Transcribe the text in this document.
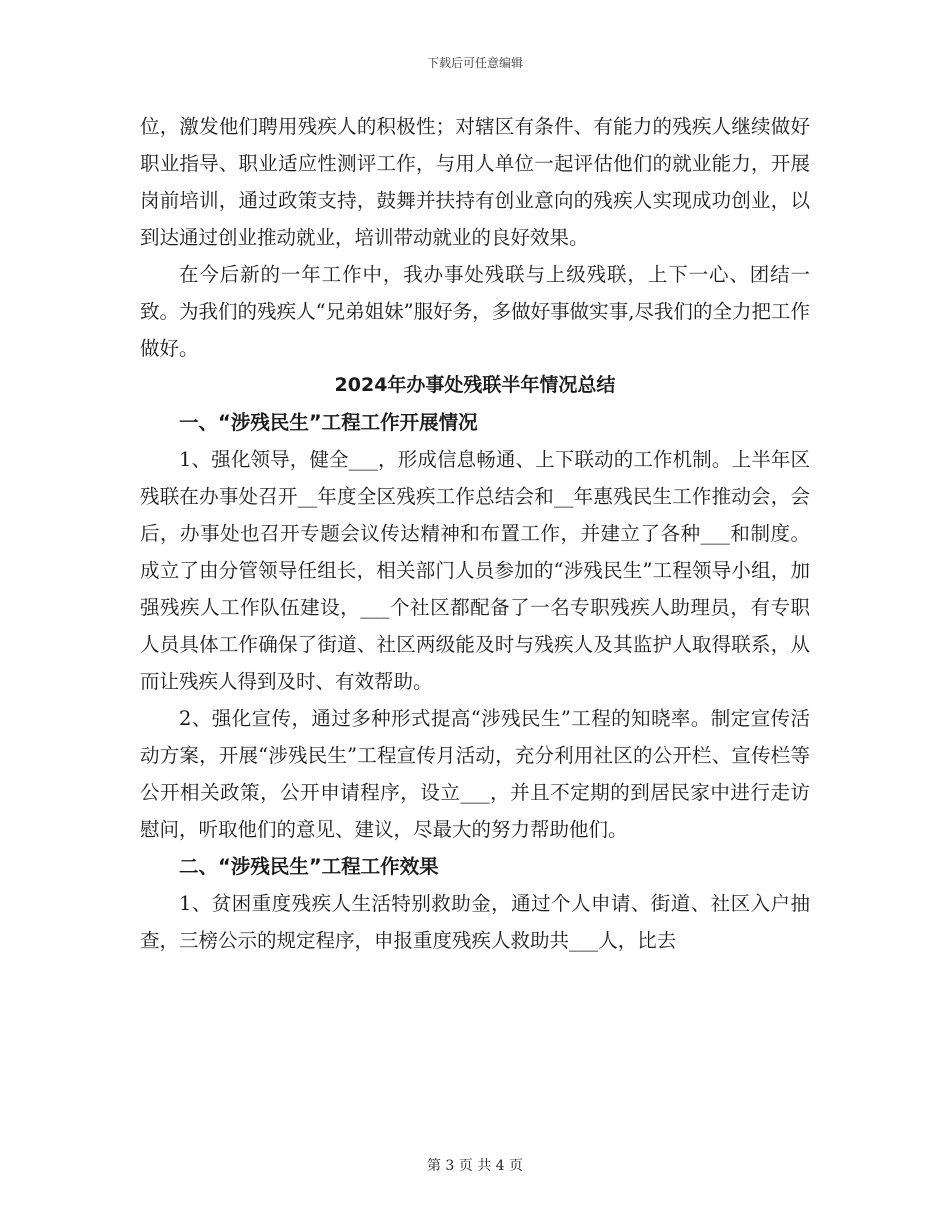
下载后可任意编辑

位，激发他们聘用残疾人的积极性；对辖区有条件、有能力的残疾人继续做好职业指导、职业适应性测评工作，与用人单位一起评估他们的就业能力，开展岗前培训，通过政策支持，鼓舞并扶持有创业意向的残疾人实现成功创业，以到达通过创业推动就业，培训带动就业的良好效果。

在今后新的一年工作中，我办事处残联与上级残联，上下一心、团结一致。为我们的残疾人“兄弟姐妹”服好务，多做好事做实事,尽我们的全力把工作做好。

2024年办事处残联半年情况总结

一、“涉残民生”工程工作开展情况

1、强化领导，健全___，形成信息畅通、上下联动的工作机制。上半年区残联在办事处召开__年度全区残疾工作总结会和__年惠残民生工作推动会，会后，办事处也召开专题会议传达精神和布置工作，并建立了各种___和制度。成立了由分管领导任组长，相关部门人员参加的“涉残民生”工程领导小组，加强残疾人工作队伍建设，___个社区都配备了一名专职残疾人助理员，有专职人员具体工作确保了街道、社区两级能及时与残疾人及其监护人取得联系，从而让残疾人得到及时、有效帮助。

2、强化宣传，通过多种形式提高“涉残民生”工程的知晓率。制定宣传活动方案，开展“涉残民生”工程宣传月活动，充分利用社区的公开栏、宣传栏等公开相关政策，公开申请程序，设立___，并且不定期的到居民家中进行走访慰问，听取他们的意见、建议，尽最大的努力帮助他们。

二、“涉残民生”工程工作效果

1、贫困重度残疾人生活特别救助金，通过个人申请、街道、社区入户抽查，三榜公示的规定程序，申报重度残疾人救助共___人，比去

第 3 页 共 4 页
